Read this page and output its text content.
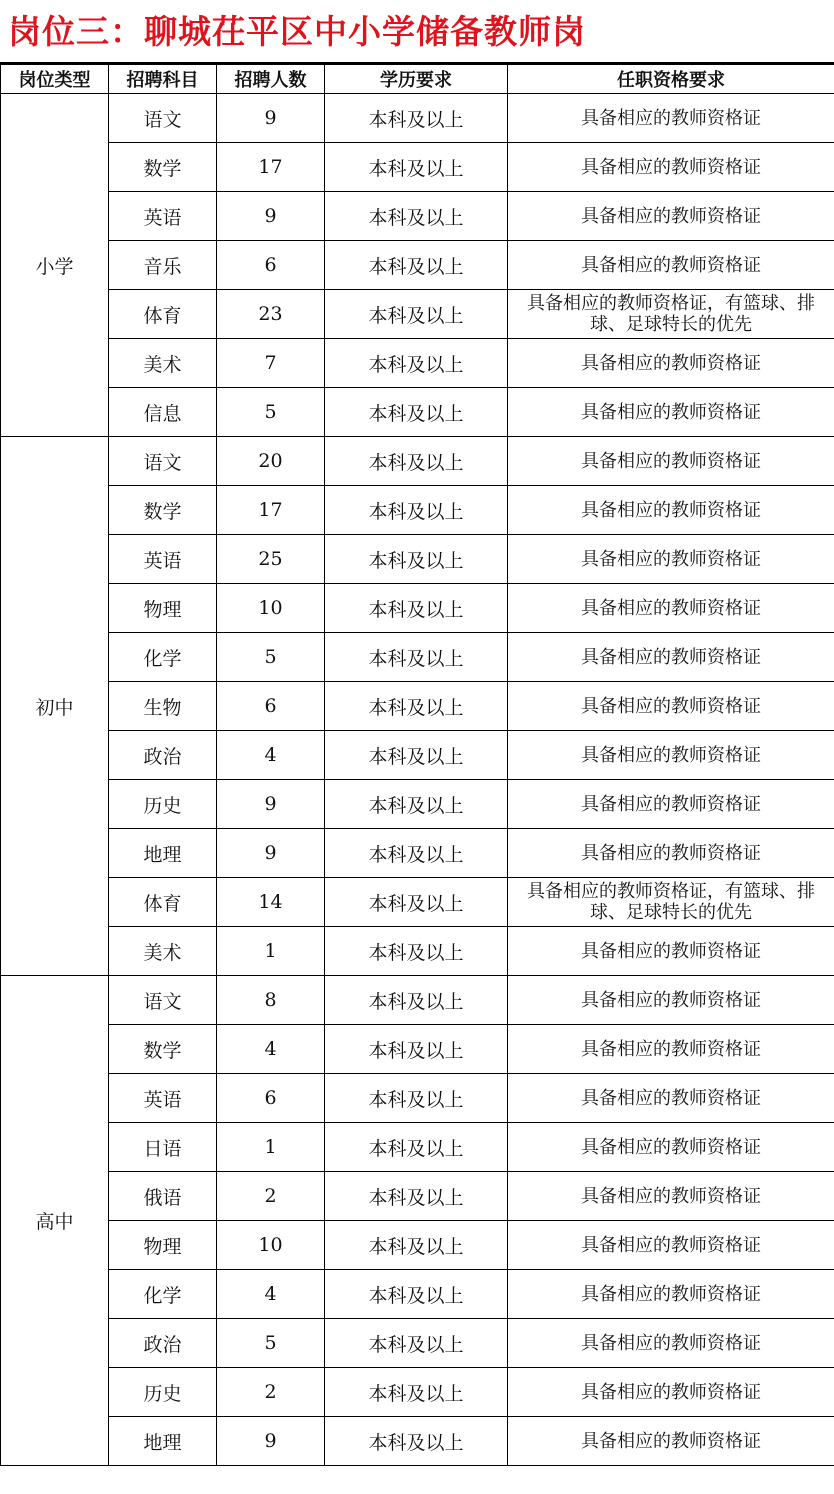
岗位三：聊城茌平区中小学储备教师岗
岗位类型	招聘科目	招聘人数	学历要求	任职资格要求
小学	语文	9	本科及以上	具备相应的教师资格证

	数学	17	本科及以上	具备相应的教师资格证

	英语	9	本科及以上	具备相应的教师资格证

	音乐	6	本科及以上	具备相应的教师资格证

	体育	23	本科及以上	具备相应的教师资格证，有篮球、排球、足球特长的优先

	美术	7	本科及以上	具备相应的教师资格证

	信息	5	本科及以上	具备相应的教师资格证

初中	语文	20	本科及以上	具备相应的教师资格证

	数学	17	本科及以上	具备相应的教师资格证

	英语	25	本科及以上	具备相应的教师资格证

	物理	10	本科及以上	具备相应的教师资格证

	化学	5	本科及以上	具备相应的教师资格证

	生物	6	本科及以上	具备相应的教师资格证

	政治	4	本科及以上	具备相应的教师资格证

	历史	9	本科及以上	具备相应的教师资格证

	地理	9	本科及以上	具备相应的教师资格证

	体育	14	本科及以上	具备相应的教师资格证，有篮球、排球、足球特长的优先

	美术	1	本科及以上	具备相应的教师资格证

高中	语文	8	本科及以上	具备相应的教师资格证

	数学	4	本科及以上	具备相应的教师资格证

	英语	6	本科及以上	具备相应的教师资格证

	日语	1	本科及以上	具备相应的教师资格证

	俄语	2	本科及以上	具备相应的教师资格证

	物理	10	本科及以上	具备相应的教师资格证

	化学	4	本科及以上	具备相应的教师资格证

	政治	5	本科及以上	具备相应的教师资格证

	历史	2	本科及以上	具备相应的教师资格证

	地理	9	本科及以上	具备相应的教师资格证
